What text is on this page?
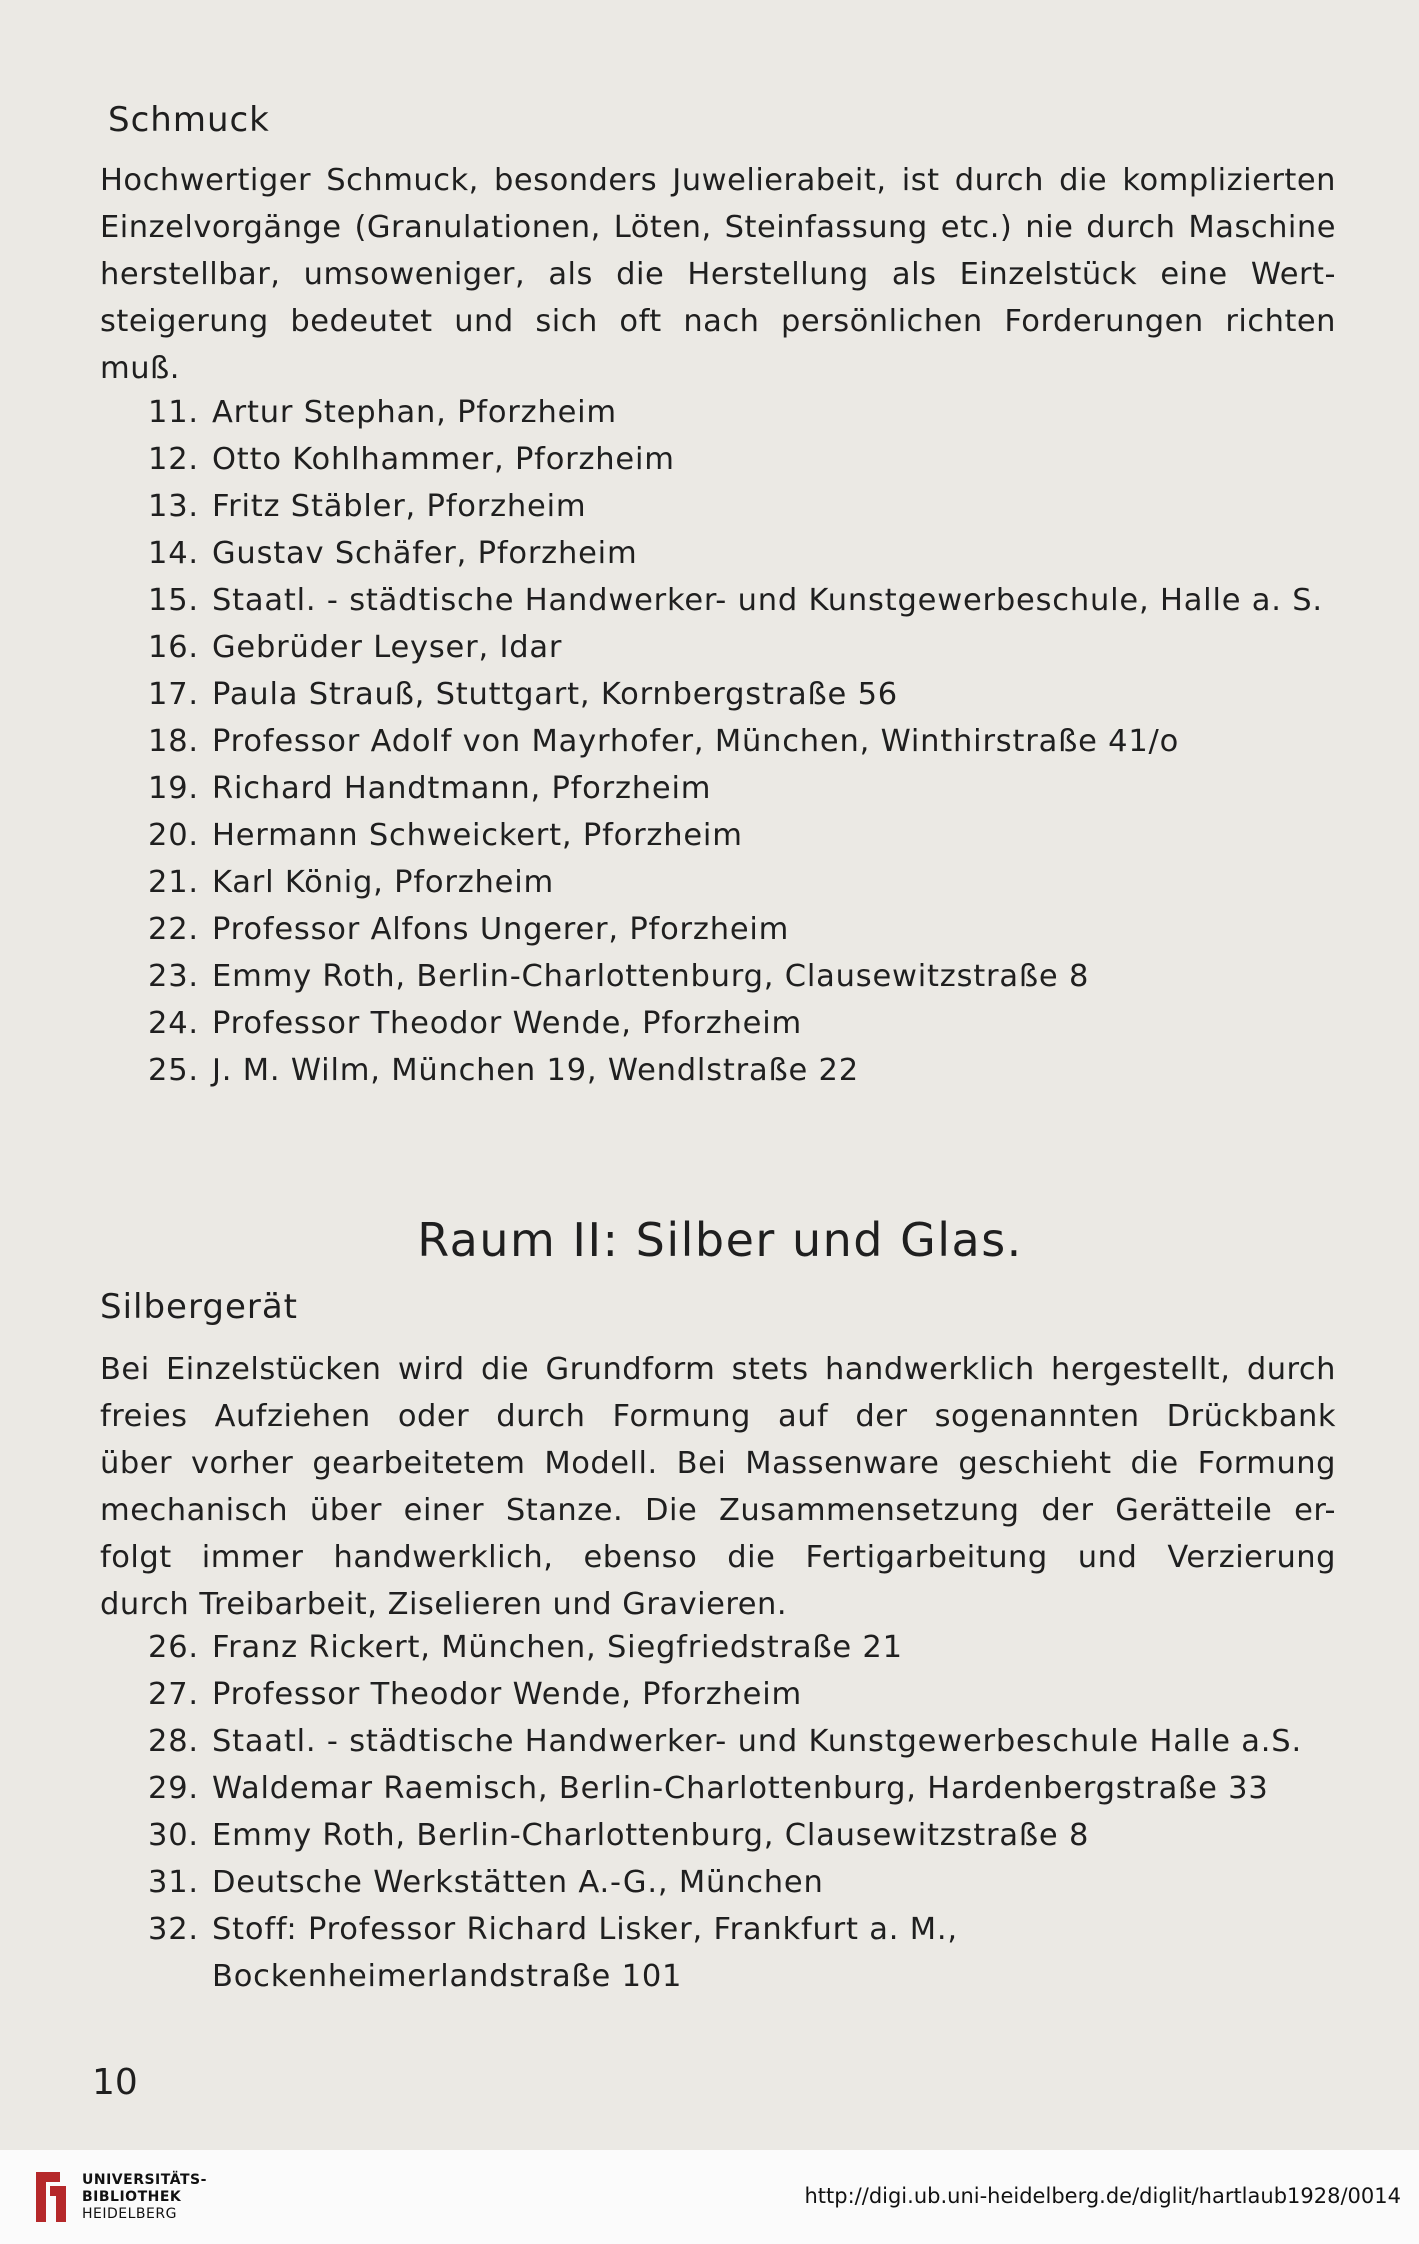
Schmuck
Hochwertiger Schmuck, besonders Juwelierabeit, ist durch die komplizierten
Einzelvorgänge (Granulationen, Löten, Steinfassung etc.) nie durch Maschine
herstellbar, umsoweniger, als die Herstellung als Einzelstück eine Wert-
steigerung bedeutet und sich oft nach persönlichen Forderungen richten
muß.
11. Artur Stephan, Pforzheim
12. Otto Kohlhammer, Pforzheim
13. Fritz Stäbler, Pforzheim
14. Gustav Schäfer, Pforzheim
15. Staatl. - städtische Handwerker- und Kunstgewerbeschule, Halle a. S.
16. Gebrüder Leyser, Idar
17. Paula Strauß, Stuttgart, Kornbergstraße 56
18. Professor Adolf von Mayrhofer, München, Winthirstraße 41/o
19. Richard Handtmann, Pforzheim
20. Hermann Schweickert, Pforzheim
21. Karl König, Pforzheim
22. Professor Alfons Ungerer, Pforzheim
23. Emmy Roth, Berlin-Charlottenburg, Clausewitzstraße 8
24. Professor Theodor Wende, Pforzheim
25. J. M. Wilm, München 19, Wendlstraße 22
Raum II: Silber und Glas.
Silbergerät
Bei Einzelstücken wird die Grundform stets handwerklich hergestellt, durch
freies Aufziehen oder durch Formung auf der sogenannten Drückbank
über vorher gearbeitetem Modell. Bei Massenware geschieht die Formung
mechanisch über einer Stanze. Die Zusammensetzung der Gerätteile er-
folgt immer handwerklich, ebenso die Fertigarbeitung und Verzierung
durch Treibarbeit, Ziselieren und Gravieren.
26. Franz Rickert, München, Siegfriedstraße 21
27. Professor Theodor Wende, Pforzheim
28. Staatl. - städtische Handwerker- und Kunstgewerbeschule Halle a.S.
29. Waldemar Raemisch, Berlin-Charlottenburg, Hardenbergstraße 33
30. Emmy Roth, Berlin-Charlottenburg, Clausewitzstraße 8
31. Deutsche Werkstätten A.-G., München
32. Stoff: Professor Richard Lisker, Frankfurt a. M.,
Bockenheimerlandstraße 101
10
UNIVERSITÄTS-
BIBLIOTHEK
HEIDELBERG
http://digi.ub.uni-heidelberg.de/diglit/hartlaub1928/0014
